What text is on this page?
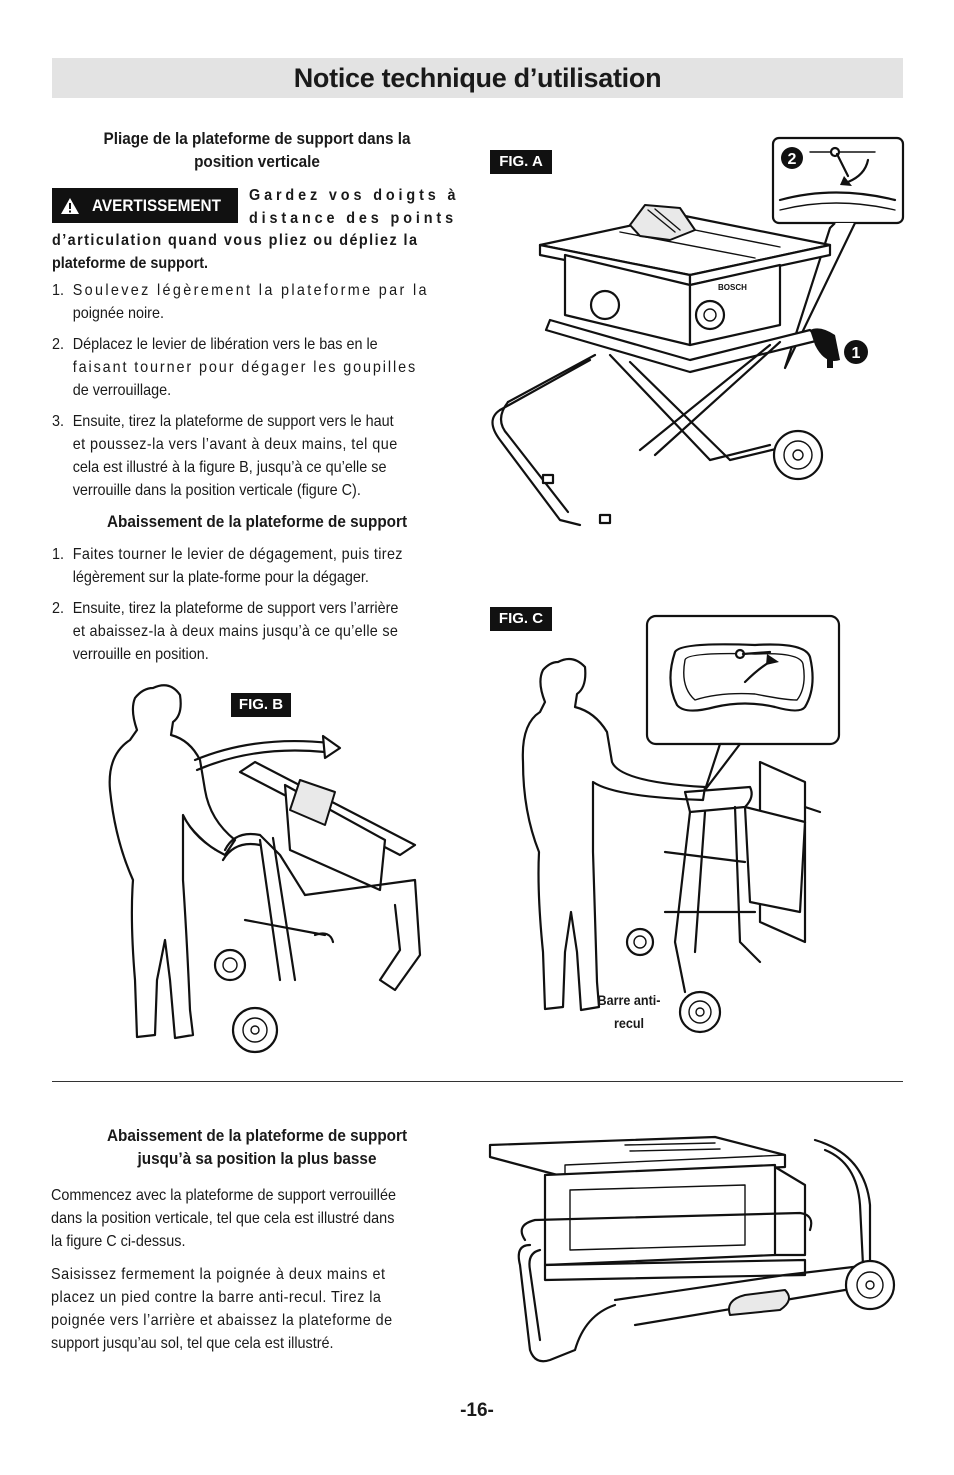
Notice technique d’utilisation
Pliage de la plateforme de support dans la
position verticale
AVERTISSEMENT
Gardez vos doigts à
distance des points
d’articulation quand vous pliez ou dépliez la
plateforme de support.
1. Soulevez légèrement la plateforme par la
poignée noire.
2. Déplacez le levier de libération vers le bas en le
faisant tourner pour dégager les goupilles
de verrouillage.
3. Ensuite, tirez la plateforme de support vers le haut
et poussez-la vers l’avant à deux mains, tel que
cela est illustré à la figure B, jusqu’à ce qu’elle se
verrouille dans la position verticale (figure C).
Abaissement de la plateforme de support
1. Faites tourner le levier de dégagement, puis tirez
légèrement sur la plate-forme pour la dégager.
2. Ensuite, tirez la plateforme de support vers l’arrière
et abaissez-la à deux mains jusqu’à ce qu’elle se
verrouille en position.
FIG. A
FIG. B
FIG. C
2
1
BOSCH
Barre anti-
recul
Abaissement de la plateforme de support
jusqu’à sa position la plus basse
Commencez avec la plateforme de support verrouillée
dans la position verticale, tel que cela est illustré dans
la figure C ci-dessus.
Saisissez fermement la poignée à deux mains et
placez un pied contre la barre anti-recul. Tirez la
poignée vers l’arrière et abaissez la plateforme de
support jusqu’au sol, tel que cela est illustré.
-16-
